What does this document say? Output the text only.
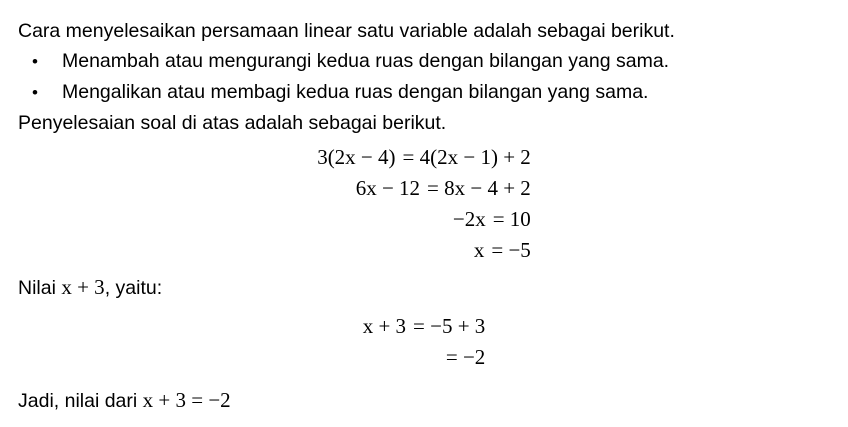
Cara menyelesaikan persamaan linear satu variable adalah sebagai berikut.
•	Menambah atau mengurangi kedua ruas dengan bilangan yang sama.
•	Mengalikan atau membagi kedua ruas dengan bilangan yang sama.
Penyelesaian soal di atas adalah sebagai berikut.
3(2x − 4) = 4(2x − 1) + 2
6x − 12 = 8x − 4 + 2
−2x = 10
x = −5
Nilai x + 3, yaitu:
x + 3 = −5 + 3
= −2
Jadi, nilai dari x + 3 = −2
